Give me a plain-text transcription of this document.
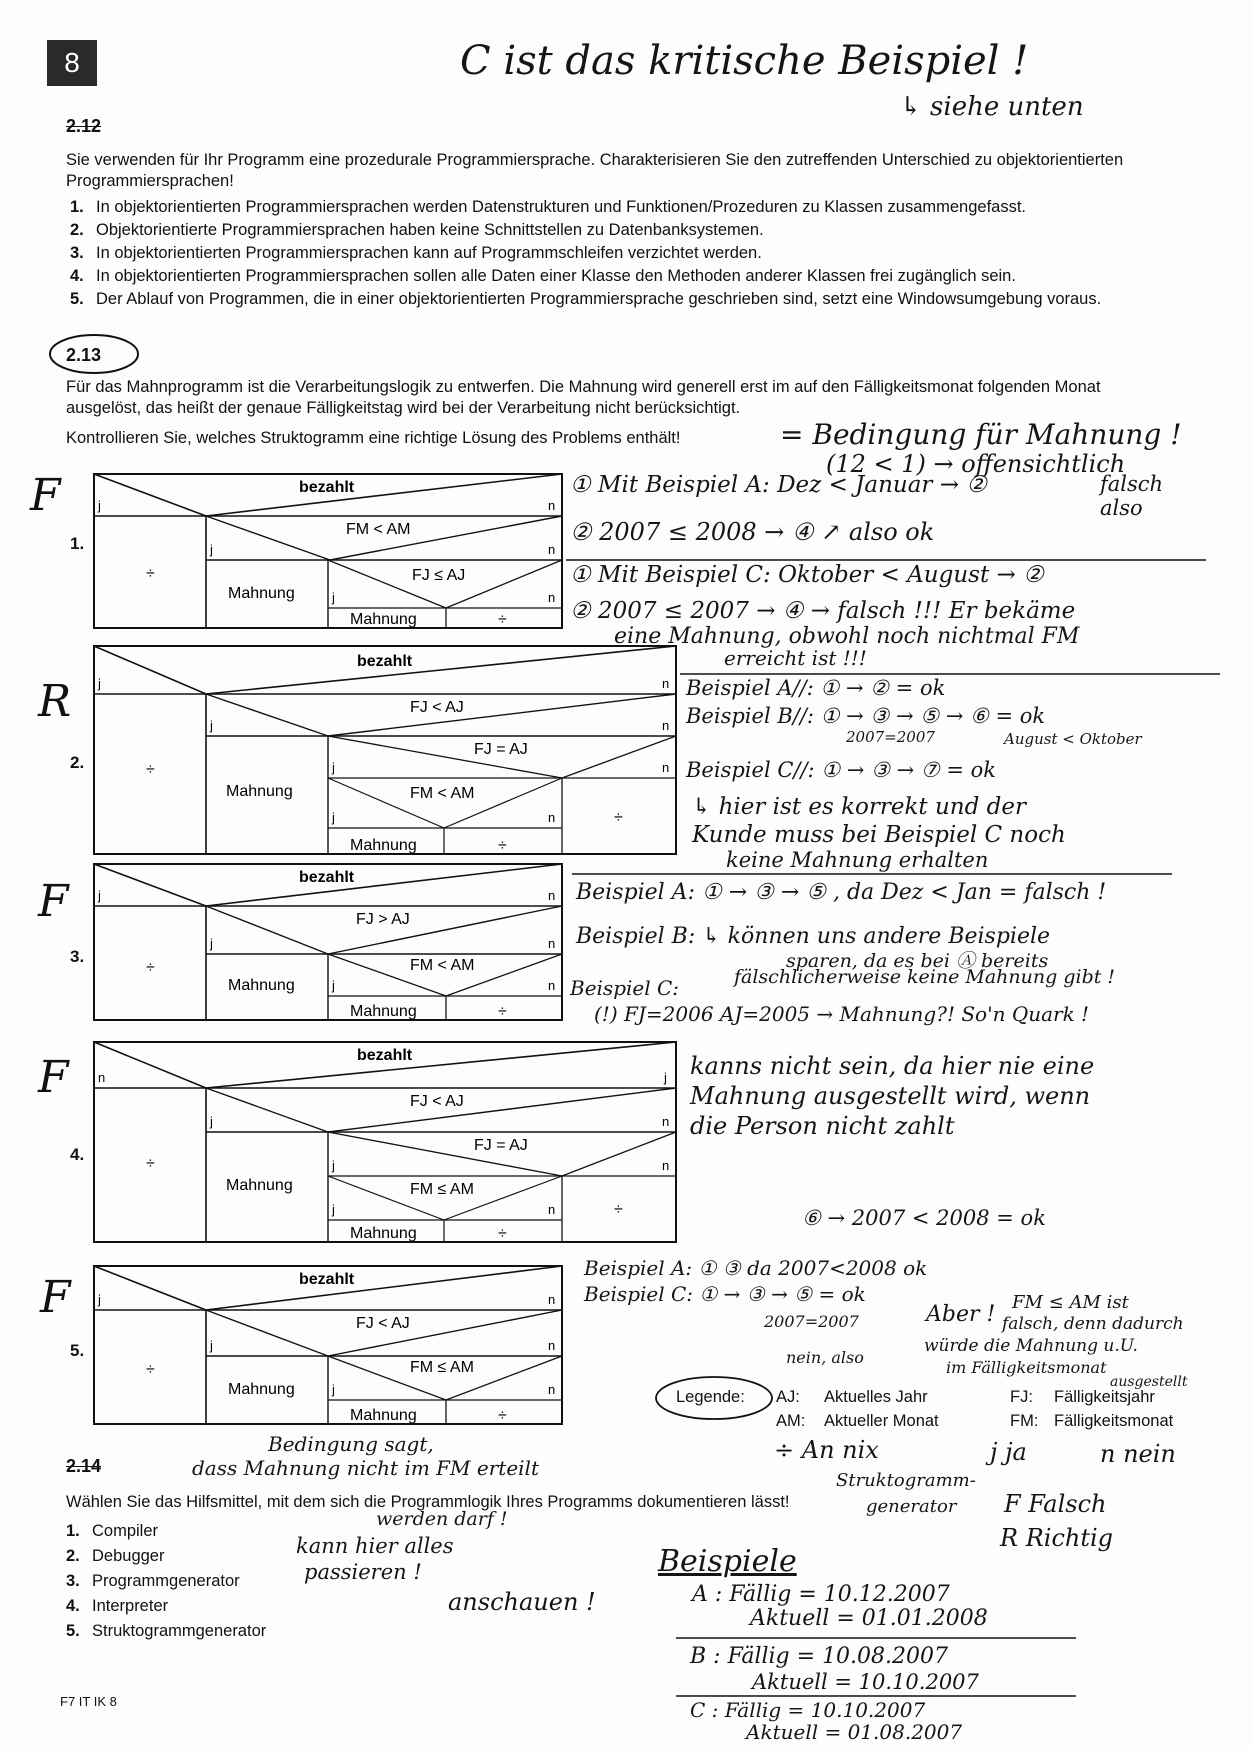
8	C ist das kritische Beispiel !
↳ siehe unten
2.12
Sie verwenden für Ihr Programm eine prozedurale Programmiersprache. Charakterisieren Sie den zutreffenden Unterschied zu objektorientierten Programmiersprachen!
1. In objektorientierten Programmiersprachen werden Datenstrukturen und Funktionen/Prozeduren zu Klassen zusammengefasst.
2. Objektorientierte Programmiersprachen haben keine Schnittstellen zu Datenbanksystemen.
3. In objektorientierten Programmiersprachen kann auf Programmschleifen verzichtet werden.
4. In objektorientierten Programmiersprachen sollen alle Daten einer Klasse den Methoden anderer Klassen frei zugänglich sein.
5. Der Ablauf von Programmen, die in einer objektorientierten Programmiersprache geschrieben sind, setzt eine Windowsumgebung voraus.
2.13
Für das Mahnprogramm ist die Verarbeitungslogik zu entwerfen. Die Mahnung wird generell erst im auf den Fälligkeitsmonat folgenden Monat
ausgelöst, das heißt der genaue Fälligkeitstag wird bei der Verarbeitung nicht berücksichtigt.
Kontrollieren Sie, welches Struktogramm eine richtige Lösung des Problems enthält!	= Bedingung für Mahnung !
(12 < 1) → offensichtlich
F
R
F
F
F
1.
2.
3.
4.
5.
bezahlt
j	n
FM < AM
j	n
÷
Mahnung
FJ ≤ AJ
j	n
Mahnung	÷
bezahlt
j	n
FJ < AJ
j	n
÷
Mahnung
FJ = AJ
j	n
FM < AM
j	n
Mahnung	÷
÷
bezahlt
j	n
FJ > AJ
j	n
÷
Mahnung
FM < AM
j	n
Mahnung	÷
bezahlt
n	j
FJ < AJ
j	n
÷
Mahnung
FJ = AJ
j	n
FM ≤ AM
j	n
Mahnung	÷
÷
bezahlt
j	n
FJ < AJ
j	n
÷
Mahnung
FM ≤ AM
j	n
Mahnung	÷
① Mit Beispiel A: Dez < Januar → ②	falsch also
② 2007 ≤ 2008 → ④ ↗ also ok
① Mit Beispiel C: Oktober < August → ②
② 2007 ≤ 2007 → ④ → falsch !!! Er bekäme
eine Mahnung, obwohl noch nichtmal FM
erreicht ist !!!
Beispiel A//: ① → ② = ok
Beispiel B//: ① → ③ → ⑤ → ⑥ = ok
2007=2007	August < Oktober
Beispiel C//: ① → ③ → ⑦ = ok
↳ hier ist es korrekt und der
Kunde muss bei Beispiel C noch
keine Mahnung erhalten
Beispiel A: ① → ③ → ⑤ , da Dez < Jan = falsch !
Beispiel B: ↳ können uns andere Beispiele
sparen, da es bei Ⓐ bereits
fälschlicherweise keine Mahnung gibt !
Beispiel C:
(!) FJ=2006 AJ=2005 → Mahnung?! So'n Quark !
kanns nicht sein, da hier nie eine
Mahnung ausgestellt wird, wenn
die Person nicht zahlt
⑥ → 2007 < 2008 = ok
Beispiel A: ① ③ da 2007<2008 ok
Beispiel C: ① → ③ → ⑤ = ok
2007=2007
nein, also
Aber ! FM ≤ AM ist
falsch, denn dadurch
würde die Mahnung u.U.
im Fälligkeitsmonat
ausgestellt
Legende: AJ: Aktuelles Jahr
AM: Aktueller Monat
FJ: Fälligkeitsjahr
FM: Fälligkeitsmonat
÷ An nix	j ja	n nein
Bedingung sagt,
dass Mahnung nicht im FM erteilt
werden darf !
2.14
Wählen Sie das Hilfsmittel, mit dem sich die Programmlogik Ihres Programms dokumentieren lässt!
1. Compiler
2. Debugger
3. Programmgenerator
4. Interpreter
5. Struktogrammgenerator
kann hier alles
passieren !
anschauen !
Struktogramm-
generator F Falsch
R Richtig
Beispiele
A : Fällig = 10.12.2007
Aktuell = 01.01.2008
B : Fällig = 10.08.2007
Aktuell = 10.10.2007
C : Fällig = 10.10.2007
Aktuell = 01.08.2007
F7 IT IK 8
